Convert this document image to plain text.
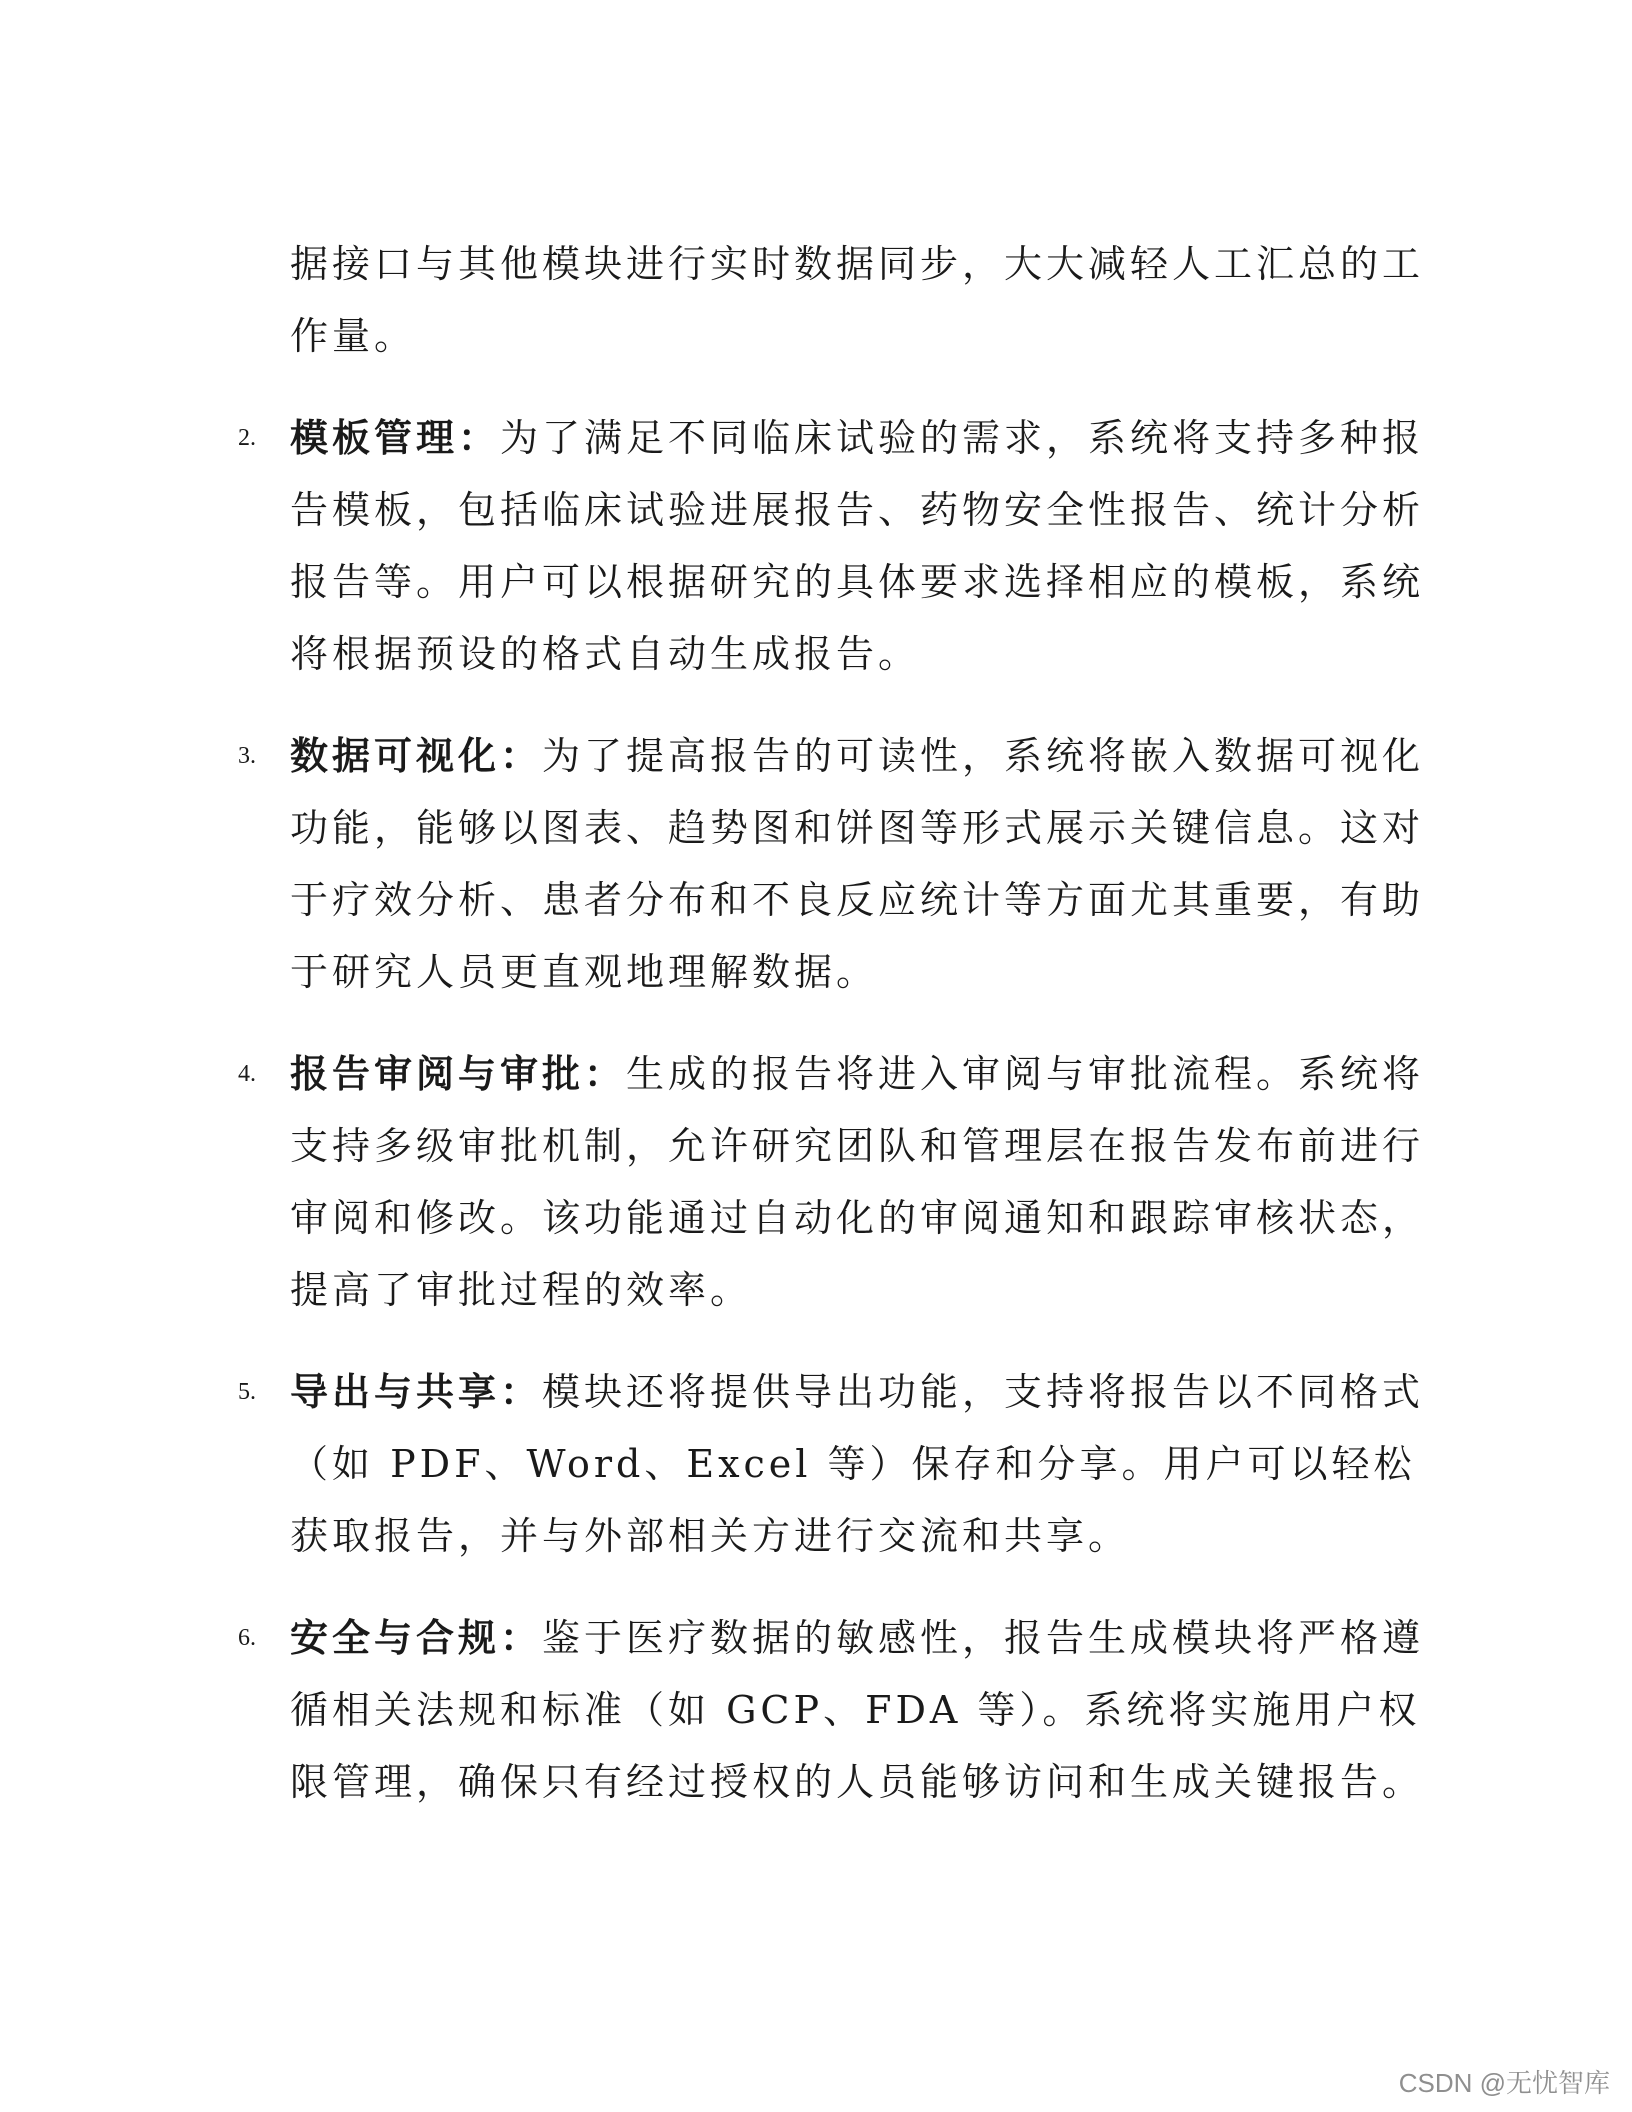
据接口与其他模块进行实时数据同步，大大减轻人工汇总的工作量。

2. 模板管理：为了满足不同临床试验的需求，系统将支持多种报告模板，包括临床试验进展报告、药物安全性报告、统计分析报告等。用户可以根据研究的具体要求选择相应的模板，系统将根据预设的格式自动生成报告。

3. 数据可视化：为了提高报告的可读性，系统将嵌入数据可视化功能，能够以图表、趋势图和饼图等形式展示关键信息。这对于疗效分析、患者分布和不良反应统计等方面尤其重要，有助于研究人员更直观地理解数据。

4. 报告审阅与审批：生成的报告将进入审阅与审批流程。系统将支持多级审批机制，允许研究团队和管理层在报告发布前进行审阅和修改。该功能通过自动化的审阅通知和跟踪审核状态，提高了审批过程的效率。

5. 导出与共享：模块还将提供导出功能，支持将报告以不同格式（如 PDF、Word、Excel 等）保存和分享。用户可以轻松获取报告，并与外部相关方进行交流和共享。

6. 安全与合规：鉴于医疗数据的敏感性，报告生成模块将严格遵循相关法规和标准（如 GCP、FDA 等）。系统将实施用户权限管理，确保只有经过授权的人员能够访问和生成关键报告。

CSDN @无忧智库
